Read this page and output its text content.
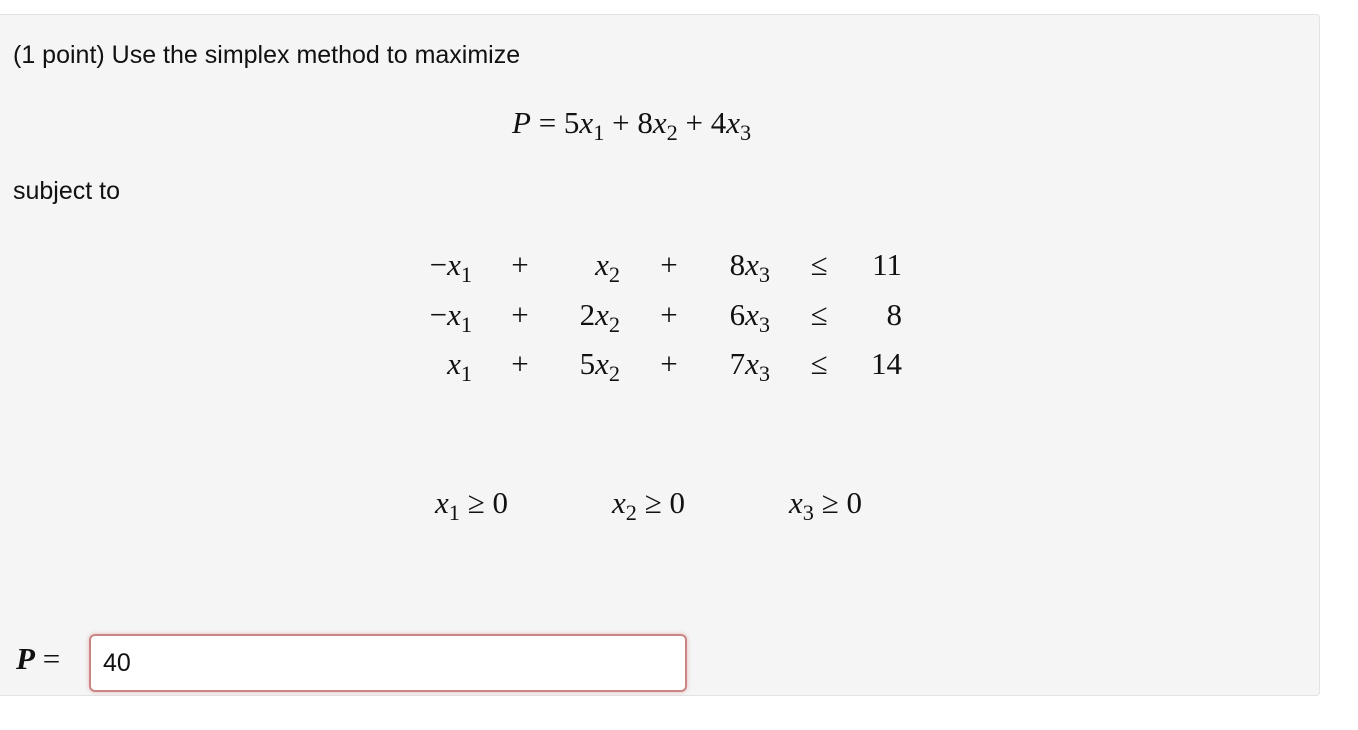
(1 point) Use the simplex method to maximize

$P = 5x_1 + 8x_2 + 4x_3$
subject to
$-x_1$ +	$x_2$ +	$8x_3$ ≤	11
$-x_1$ +	$2x_2$ +	$6x_3$ ≤	8
$x_1$ +	$5x_2$ +	$7x_3$ ≤	14
$x_1 \ge 0$	$x_2 \ge 0$	$x_3 \ge 0$
P =
40
